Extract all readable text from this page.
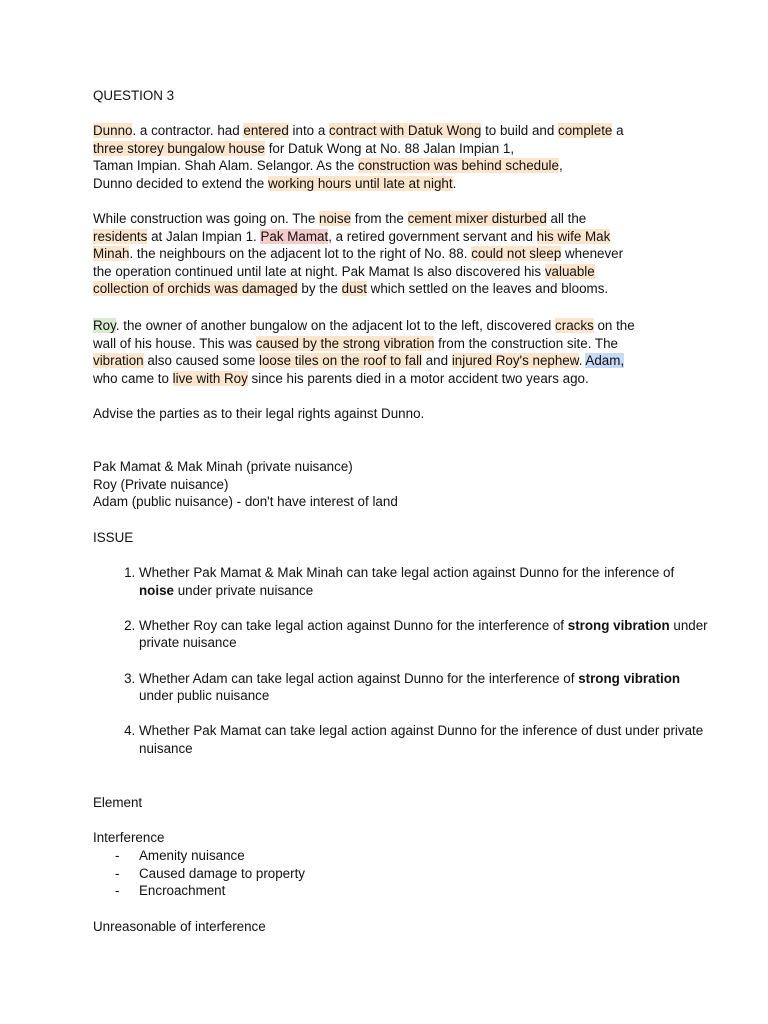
QUESTION 3

Dunno. a contractor. had entered into a contract with Datuk Wong to build and complete a
three storey bungalow house for Datuk Wong at No. 88 Jalan Impian 1,
Taman Impian. Shah Alam. Selangor. As the construction was behind schedule,
Dunno decided to extend the working hours until late at night.

While construction was going on. The noise from the cement mixer disturbed all the
residents at Jalan Impian 1. Pak Mamat, a retired government servant and his wife Mak
Minah. the neighbours on the adjacent lot to the right of No. 88. could not sleep whenever
the operation continued until late at night. Pak Mamat Is also discovered his valuable
collection of orchids was damaged by the dust which settled on the leaves and blooms.

Roy. the owner of another bungalow on the adjacent lot to the left, discovered cracks on the
wall of his house. This was caused by the strong vibration from the construction site. The
vibration also caused some loose tiles on the roof to fall and injured Roy's nephew. Adam,
who came to live with Roy since his parents died in a motor accident two years ago.

Advise the parties as to their legal rights against Dunno.

Pak Mamat & Mak Minah (private nuisance)
Roy (Private nuisance)
Adam (public nuisance) - don't have interest of land

ISSUE

1. Whether Pak Mamat & Mak Minah can take legal action against Dunno for the inference of noise under private nuisance
2. Whether Roy can take legal action against Dunno for the interference of strong vibration under private nuisance
3. Whether Adam can take legal action against Dunno for the interference of strong vibration under public nuisance
4. Whether Pak Mamat can take legal action against Dunno for the inference of dust under private nuisance

Element

Interference

- Amenity nuisance
- Caused damage to property
- Encroachment

Unreasonable of interference
